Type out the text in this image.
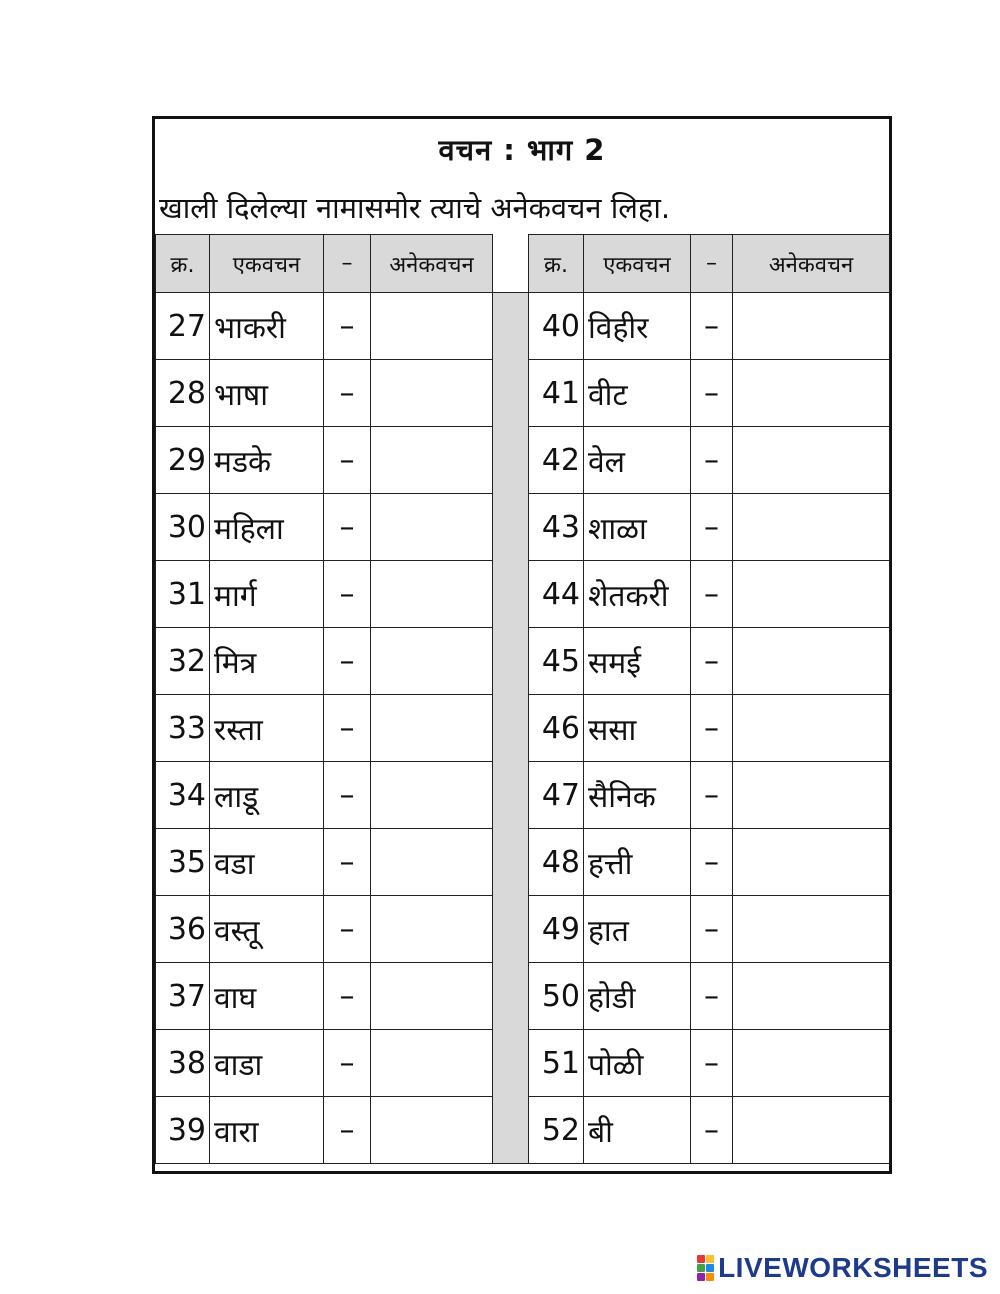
वचन : भाग 2
खाली दिलेल्या नामासमोर त्याचे अनेकवचन लिहा.
क्र.	एकवचन	–	अनेकवचन		क्र.	एकवचन	–	अनेकवचन
27	भाकरी	–			40	विहीर	–	
28	भाषा	–			41	वीट	–	
29	मडके	–			42	वेल	–	
30	महिला	–			43	शाळा	–	
31	मार्ग	–			44	शेतकरी	–	
32	मित्र	–			45	समई	–	
33	रस्ता	–			46	ससा	–	
34	लाडू	–			47	सैनिक	–	
35	वडा	–			48	हत्ती	–	
36	वस्तू	–			49	हात	–	
37	वाघ	–			50	होडी	–	
38	वाडा	–			51	पोळी	–	
39	वारा	–			52	बी	–	
LIVEWORKSHEETS
